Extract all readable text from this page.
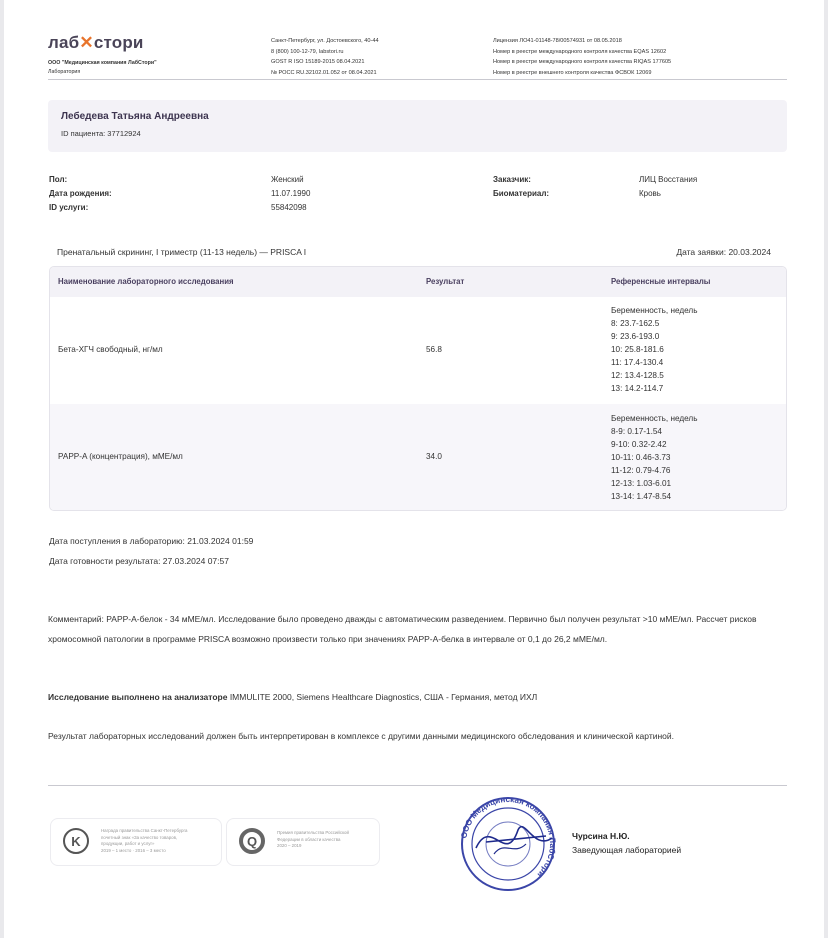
лаб✕стори
ООО "Медицинская компания ЛабСтори"
Лаборатория
Санкт-Петербург, ул. Достоевского, 40-44
8 (800) 100-12-79, labstori.ru
GOST R ISO 15189-2015 08.04.2021
№ РОСС RU.32102.01.052 от 08.04.2021
Лицензия ЛО41-01148-78/00574931 от 08.05.2018
Номер в реестре международного контроля качества EQAS 12602
Номер в реестре международного контроля качества RIQAS 177605
Номер в реестре внешнего контроля качества ФСВОК 12069
Лебедева Татьяна Андреевна
ID пациента: 37712924
Пол:	Женский
Дата рождения:	11.07.1990
ID услуги:	55842098
Заказчик:	ЛИЦ Восстания
Биоматериал:	Кровь
Пренатальный скрининг, I триместр (11-13 недель) — PRISCA I	Дата заявки: 20.03.2024
Наименование лабораторного исследования	Результат	Референсные интервалы
Бета-ХГЧ свободный, нг/мл	56.8
Беременность, недель
8: 23.7-162.5
9: 23.6-193.0
10: 25.8-181.6
11: 17.4-130.4
12: 13.4-128.5
13: 14.2-114.7
PAPP-A (концентрация), мМЕ/мл	34.0
Беременность, недель
8-9: 0.17-1.54
9-10: 0.32-2.42
10-11: 0.46-3.73
11-12: 0.79-4.76
12-13: 1.03-6.01
13-14: 1.47-8.54
Дата поступления в лабораторию: 21.03.2024 01:59
Дата готовности результата: 27.03.2024 07:57
Комментарий: PAPP-A-белок - 34 мМЕ/мл. Исследование было проведено дважды с автоматическим разведением. Первично был получен результат >10 мМЕ/мл. Рассчет рисков хромосомной патологии в программе PRISCA возможно произвести только при значениях PAPP-A-белка в интервале от 0,1 до 26,2 мМЕ/мл.
Исследование выполнено на анализаторе IMMULITE 2000, Siemens Healthcare Diagnostics, США - Германия, метод ИХЛ
Результат лабораторных исследований должен быть интерпретирован в комплексе с другими данными медицинского обследования и клинической картиной.
K
Награда правительства Санкт-Петербурга
почетный знак «За качество товаров,
продукции, работ и услуг»
2019 – 1 место · 2016 – 3 место
Q
Премия правительства Российской
Федерации в области качества
2020 – 2019
ООО Медицинская компания ЛабСтори
Чурсина Н.Ю.
Заведующая лабораторией
